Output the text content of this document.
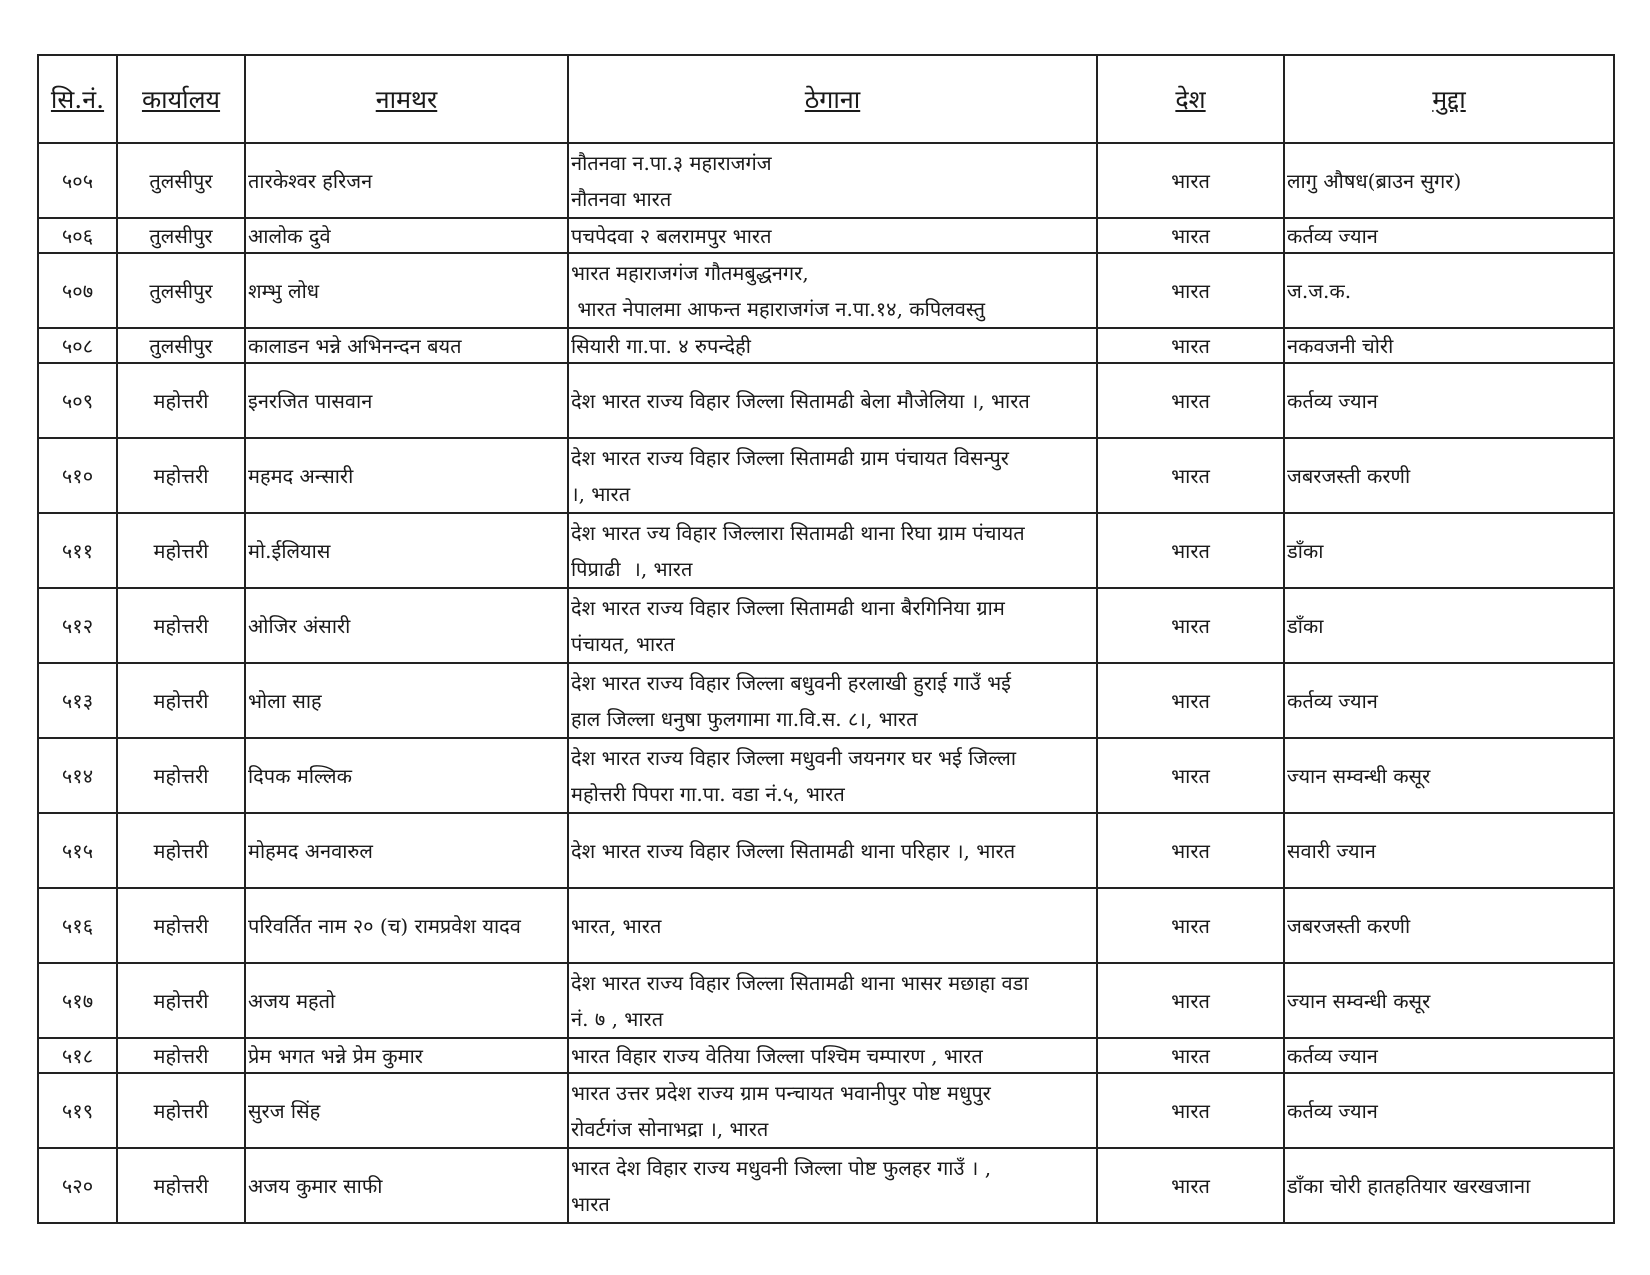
सि.नं.	कार्यालय	नामथर	ठेगाना	देश	मुद्दा
५०५	तुलसीपुर	तारकेश्वर हरिजन	नौतनवा न.पा.३ महाराजगंज
नौतनवा भारत	भारत	लागु औषध(ब्राउन सुगर)
५०६	तुलसीपुर	आलोक दुवे	पचपेदवा २ बलरामपुर भारत	भारत	कर्तव्य ज्यान
५०७	तुलसीपुर	शम्भु लोध	भारत महाराजगंज गौतमबुद्धनगर,
भारत नेपालमा आफन्त महाराजगंज न.पा.१४, कपिलवस्तु	भारत	ज.ज.क.
५०८	तुलसीपुर	कालाडन भन्ने अभिनन्दन बयत	सियारी गा.पा. ४ रुपन्देही	भारत	नकवजनी चोरी
५०९	महोत्तरी	इनरजित पासवान	देश भारत राज्य विहार जिल्ला सितामढी बेला मौजेलिया ।, भारत	भारत	कर्तव्य ज्यान
५१०	महोत्तरी	महमद अन्सारी	देश भारत राज्य विहार जिल्ला सितामढी ग्राम पंचायत विसन्पुर
।, भारत	भारत	जबरजस्ती करणी
५११	महोत्तरी	मो.ईलियास	देश भारत ज्य विहार जिल्लारा सितामढी थाना रिघा ग्राम पंचायत
पिप्राढी  ।, भारत	भारत	डाँका
५१२	महोत्तरी	ओजिर अंसारी	देश भारत राज्य विहार जिल्ला सितामढी थाना बैरगिनिया ग्राम
पंचायत, भारत	भारत	डाँका
५१३	महोत्तरी	भोला साह	देश भारत राज्य विहार जिल्ला बधुवनी हरलाखी हुराई गाउँ भई
हाल जिल्ला धनुषा फुलगामा गा.वि.स. ८।, भारत	भारत	कर्तव्य ज्यान
५१४	महोत्तरी	दिपक मल्लिक	देश भारत राज्य विहार जिल्ला मधुवनी जयनगर घर भई जिल्ला
महोत्तरी पिपरा गा.पा. वडा नं.५, भारत	भारत	ज्यान सम्वन्धी कसूर
५१५	महोत्तरी	मोहमद अनवारुल	देश भारत राज्य विहार जिल्ला सितामढी थाना परिहार ।, भारत	भारत	सवारी ज्यान
५१६	महोत्तरी	परिवर्तित नाम २० (च) रामप्रवेश यादव	भारत, भारत	भारत	जबरजस्ती करणी
५१७	महोत्तरी	अजय महतो	देश भारत राज्य विहार जिल्ला सितामढी थाना भासर मछाहा वडा
नं. ७ , भारत	भारत	ज्यान सम्वन्धी कसूर
५१८	महोत्तरी	प्रेम भगत भन्ने प्रेम कुमार	भारत विहार राज्य वेतिया जिल्ला पश्चिम चम्पारण , भारत	भारत	कर्तव्य ज्यान
५१९	महोत्तरी	सुरज सिंह	भारत उत्तर प्रदेश राज्य ग्राम पन्चायत भवानीपुर पोष्ट मधुपुर
रोवर्टगंज सोनाभद्रा ।, भारत	भारत	कर्तव्य ज्यान
५२०	महोत्तरी	अजय कुमार साफी	भारत देश विहार राज्य मधुवनी जिल्ला पोष्ट फुलहर गाउँ । ,
भारत	भारत	डाँका चोरी हातहतियार खरखजाना
